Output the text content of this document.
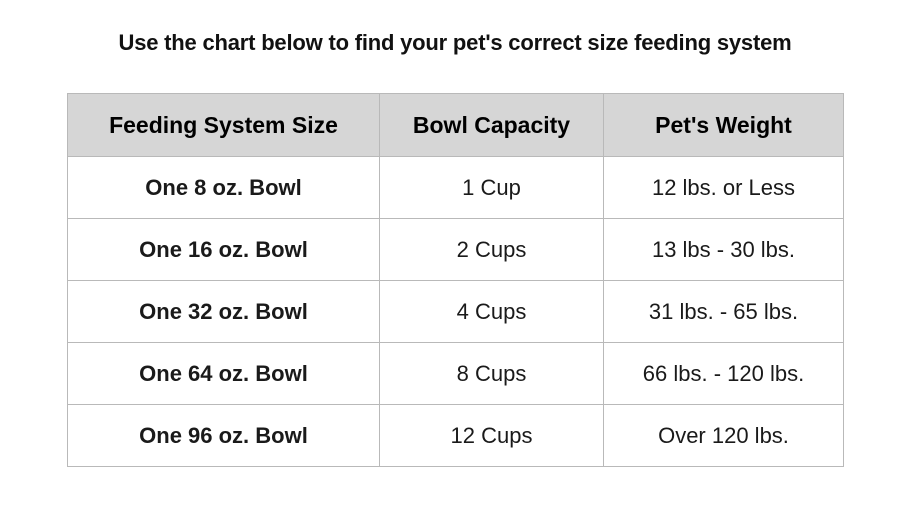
Use the chart below to find your pet's correct size feeding system
Feeding System Size	Bowl Capacity	Pet's Weight
One 8 oz. Bowl	1 Cup	12 lbs. or Less
One 16 oz. Bowl	2 Cups	13 lbs - 30 lbs.
One 32 oz. Bowl	4 Cups	31 lbs. - 65 lbs.
One 64 oz. Bowl	8 Cups	66 lbs. - 120 lbs.
One 96 oz. Bowl	12 Cups	Over 120 lbs.
